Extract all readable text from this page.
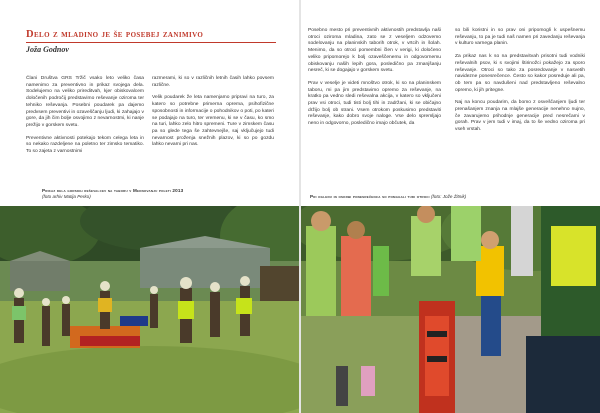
Delo z mladino je še posebej zanimivo
Joža Godnov

Člani Društva GRS Tržič vsako leto veliko časa namenimo za preventivno in prikaz svojega dela. Sodelujemo na veliko prireditvah, kjer obiskovalcem določenih področij predstavimo reševanje oziroma ter tehniko reševanja. Posebni poudarek pa dajemo predvsem preventivi in ozaveščanju ljudi, ki zahajajo v gore, da jih čim bolje osvojimo z nevarnostmi, ki nanje prežijo v gorskem svetu.

Preventivne aktivnosti potekajo tekom celega leta in so nekako razdeljene na poletno ter zimsko tematiko. To so zajeta z varnostnimi

razmerami, ki so v različnih letnih časih lahko povsem različne.

Velik poudarek že leta namenjamo pripravi na turo, za katero so potrebne primerna oprema, psihofizične sposobnosti in informacije o pohodnikov o poti, po kateri se podajajo na turo, ter vremenu, ki se v času, ko smo na turi, lahko zelo hitro spremeni. Ture v zimskem času pa so glede tega še zahtevnejše, saj vključujejo tudi nevarnost proženja snežnih plazov, ki so po gozdu lahko nevarni pri nas.

Prikaz dela gorskih reševalcev na taboru v Mednovanju poleti 2013
(foto arhiv Matija Perko)

Posebno mesto pri preventivnih aktivnostih predstavlja naši otroci oziroma mladina, zato se z veseljem odzovemo sodelovanju na planinskih taborih otrok, v vrtcih in šolah. Menimo, da so otroci pomembni člen v verigi, ki določeno veliko pripomorejo k bolj ozaveščenemu in odgovornemu obiskovanju naših lepih gora, posledično pa zmanjšanju nesreč, ki se dogajajo v gorskem svetu.

Prav v veselje je videti mnoštvo otrok, ki so na planinskem taboru, mi pa jim predstavimo opremo za reševanje, na kratko pa vedno sledi reševalna akcija, v katero so vključeni prav vsi otroci, tudi tisti bolj tihi in zadržani, ki se običajno držijo bolj ob strani. Vsem otrokom poskusimo predstaviti reševanje, kako dobro svoje naloge. Vse delo spremljajo neno in odgovorno, posledično imajo občutek, da

so bili koristni in so prav oni pripomogli k uspešnemu reševanju, to pa je tudi naš namen pri zavedanju reševanja v kulturo varnega planin.

Za prikaz nas k so na predstavitvah prisotni tudi vodniki reševalnih psov, ki s svojimi štirinožci pokažejo za sporo reševanje. Otroci so tako za posredovanje v nasvetih navidezne ponesrečence. Često so kakor posreduje ali pa, ob tem pa so navdušeni nad predstavljeno reševalno opremo, ki jih pritegne.

Naj na koncu poudarim, da bomo z osveščanjem ljudi ter prenašanjem znanja na mlajše generacije nenehno nujno, če zavarujemo prihodnje generacije pred nesrečami v gorah. Prav v jem tudi v imaj, da to še vedno oziroma pri vseh vrstah.

Pri ogledu in oskrbi ponesrečenca so pomagali tudi otroci (foto: Jože Žitnik)
